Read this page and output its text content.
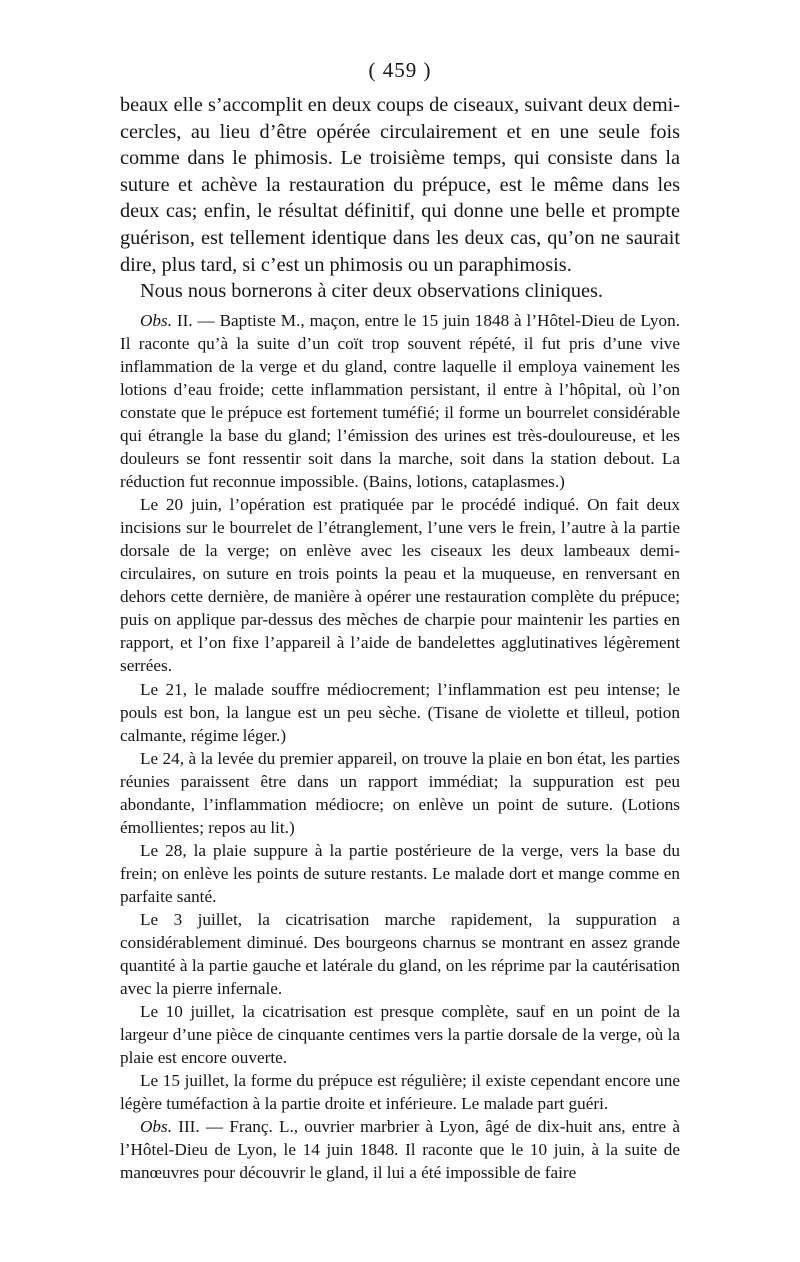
( 459 )

beaux elle s’accomplit en deux coups de ciseaux, suivant deux demi-cercles, au lieu d’être opérée circulairement et en une seule fois comme dans le phimosis. Le troisième temps, qui consiste dans la suture et achève la restauration du prépuce, est le même dans les deux cas; enfin, le résultat définitif, qui donne une belle et prompte guérison, est tellement identique dans les deux cas, qu’on ne saurait dire, plus tard, si c’est un phimosis ou un paraphimosis.

Nous nous bornerons à citer deux observations cliniques.

Obs. II. — Baptiste M., maçon, entre le 15 juin 1848 à l’Hôtel-Dieu de Lyon. Il raconte qu’à la suite d’un coït trop souvent répété, il fut pris d’une vive inflammation de la verge et du gland, contre laquelle il employa vainement les lotions d’eau froide; cette inflammation persistant, il entre à l’hôpital, où l’on constate que le prépuce est fortement tuméfié; il forme un bourrelet considérable qui étrangle la base du gland; l’émission des urines est très-douloureuse, et les douleurs se font ressentir soit dans la marche, soit dans la station debout. La réduction fut reconnue impossible. (Bains, lotions, cataplasmes.)

Le 20 juin, l’opération est pratiquée par le procédé indiqué. On fait deux incisions sur le bourrelet de l’étranglement, l’une vers le frein, l’autre à la partie dorsale de la verge; on enlève avec les ciseaux les deux lambeaux demi-circulaires, on suture en trois points la peau et la muqueuse, en renversant en dehors cette dernière, de manière à opérer une restauration complète du prépuce; puis on applique par-dessus des mèches de charpie pour maintenir les parties en rapport, et l’on fixe l’appareil à l’aide de bandelettes agglutinatives légèrement serrées.

Le 21, le malade souffre médiocrement; l’inflammation est peu intense; le pouls est bon, la langue est un peu sèche. (Tisane de violette et tilleul, potion calmante, régime léger.)

Le 24, à la levée du premier appareil, on trouve la plaie en bon état, les parties réunies paraissent être dans un rapport immédiat; la suppuration est peu abondante, l’inflammation médiocre; on enlève un point de suture. (Lotions émollientes; repos au lit.)

Le 28, la plaie suppure à la partie postérieure de la verge, vers la base du frein; on enlève les points de suture restants. Le malade dort et mange comme en parfaite santé.

Le 3 juillet, la cicatrisation marche rapidement, la suppuration a considérablement diminué. Des bourgeons charnus se montrant en assez grande quantité à la partie gauche et latérale du gland, on les réprime par la cautérisation avec la pierre infernale.

Le 10 juillet, la cicatrisation est presque complète, sauf en un point de la largeur d’une pièce de cinquante centimes vers la partie dorsale de la verge, où la plaie est encore ouverte.

Le 15 juillet, la forme du prépuce est régulière; il existe cependant encore une légère tuméfaction à la partie droite et inférieure. Le malade part guéri.

Obs. III. — Franç. L., ouvrier marbrier à Lyon, âgé de dix-huit ans, entre à l’Hôtel-Dieu de Lyon, le 14 juin 1848. Il raconte que le 10 juin, à la suite de manœuvres pour découvrir le gland, il lui a été impossible de faire
